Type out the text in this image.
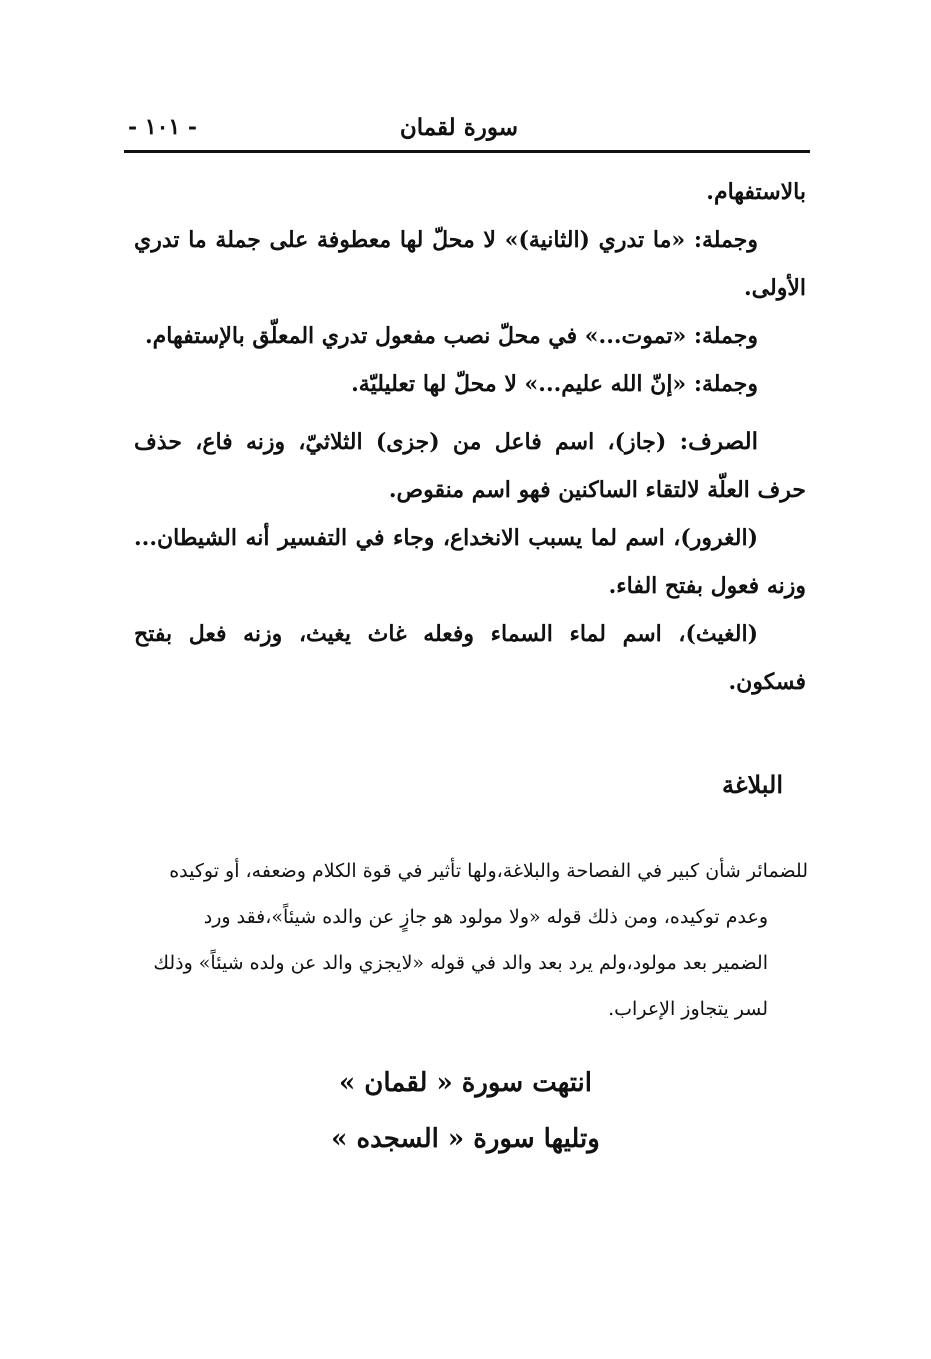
سورة لقمان
- ١٠١ -

بالاستفهام.

وجملة: «ما تدري (الثانية)» لا محلّ لها معطوفة على جملة ما تدري الأولى.

وجملة: «تموت...» في محلّ نصب مفعول تدري المعلّق بالإستفهام.

وجملة: «إنّ الله عليم...» لا محلّ لها تعليليّة.

الصرف: (جاز)، اسم فاعل من (جزى) الثلاثيّ، وزنه فاع، حذف حرف العلّة لالتقاء الساكنين فهو اسم منقوص.

(الغرور)، اسم لما يسبب الانخداع، وجاء في التفسير أنه الشيطان... وزنه فعول بفتح الفاء.

(الغيث)، اسم لماء السماء وفعله غاث يغيث، وزنه فعل بفتح فسكون.

البلاغة

للضمائر شأن كبير في الفصاحة والبلاغة،ولها تأثير في قوة الكلام وضعفه، أو توكيده

وعدم توكيده، ومن ذلك قوله «ولا مولود هو جازٍ عن والده شيئاً»،فقد ورد

الضمير بعد مولود،ولم يرد بعد والد في قوله «لايجزي والد عن ولده شيئاً» وذلك

لسر يتجاوز الإعراب.

انتهت سورة « لقمان »
وتليها سورة « السجده »
